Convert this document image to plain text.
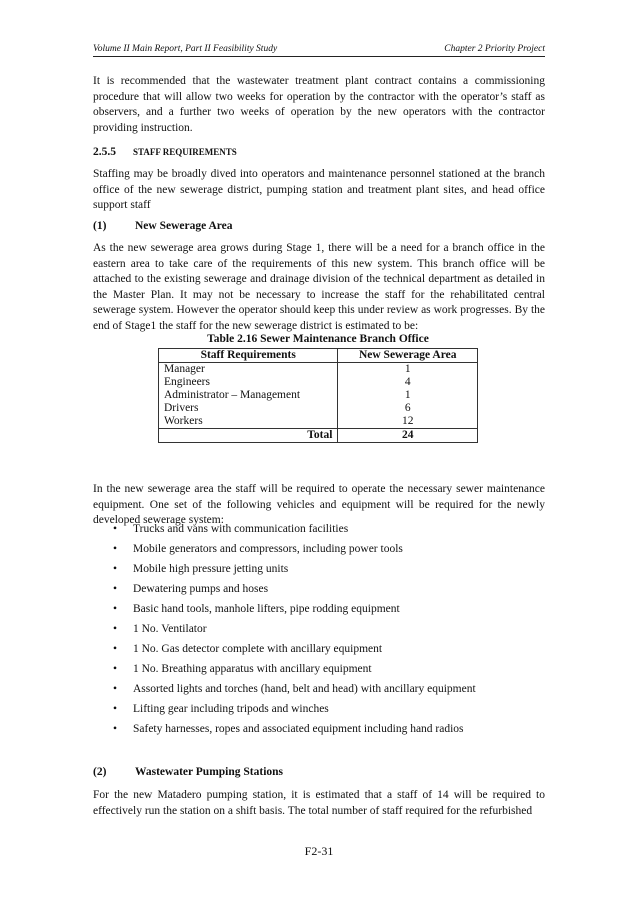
Volume II Main Report, Part II Feasibility Study	Chapter 2 Priority Project

It is recommended that the wastewater treatment plant contract contains a commissioning procedure that will allow two weeks for operation by the contractor with the operator’s staff as observers, and a further two weeks of operation by the new operators with the contractor providing instruction.

2.5.5 STAFF REQUIREMENTS

Staffing may be broadly dived into operators and maintenance personnel stationed at the branch office of the new sewerage district, pumping station and treatment plant sites, and head office support staff

(1) New Sewerage Area

As the new sewerage area grows during Stage 1, there will be a need for a branch office in the eastern area to take care of the requirements of this new system. This branch office will be attached to the existing sewerage and drainage division of the technical department as detailed in the Master Plan. It may not be necessary to increase the staff for the rehabilitated central sewerage system. However the operator should keep this under review as work progresses. By the end of Stage1 the staff for the new sewerage district is estimated to be:

Table 2.16 Sewer Maintenance Branch Office
Staff Requirements	New Sewerage Area
Manager	1
Engineers	4
Administrator – Management	1
Drivers	6
Workers	12
Total	24

In the new sewerage area the staff will be required to operate the necessary sewer maintenance equipment. One set of the following vehicles and equipment will be required for the newly developed sewerage system:

• Trucks and vans with communication facilities
• Mobile generators and compressors, including power tools
• Mobile high pressure jetting units
• Dewatering pumps and hoses
• Basic hand tools, manhole lifters, pipe rodding equipment
• 1 No. Ventilator
• 1 No. Gas detector complete with ancillary equipment
• 1 No. Breathing apparatus with ancillary equipment
• Assorted lights and torches (hand, belt and head) with ancillary equipment
• Lifting gear including tripods and winches
• Safety harnesses, ropes and associated equipment including hand radios
(2) Wastewater Pumping Stations

For the new Matadero pumping station, it is estimated that a staff of 14 will be required to effectively run the station on a shift basis. The total number of staff required for the refurbished

F2-31
